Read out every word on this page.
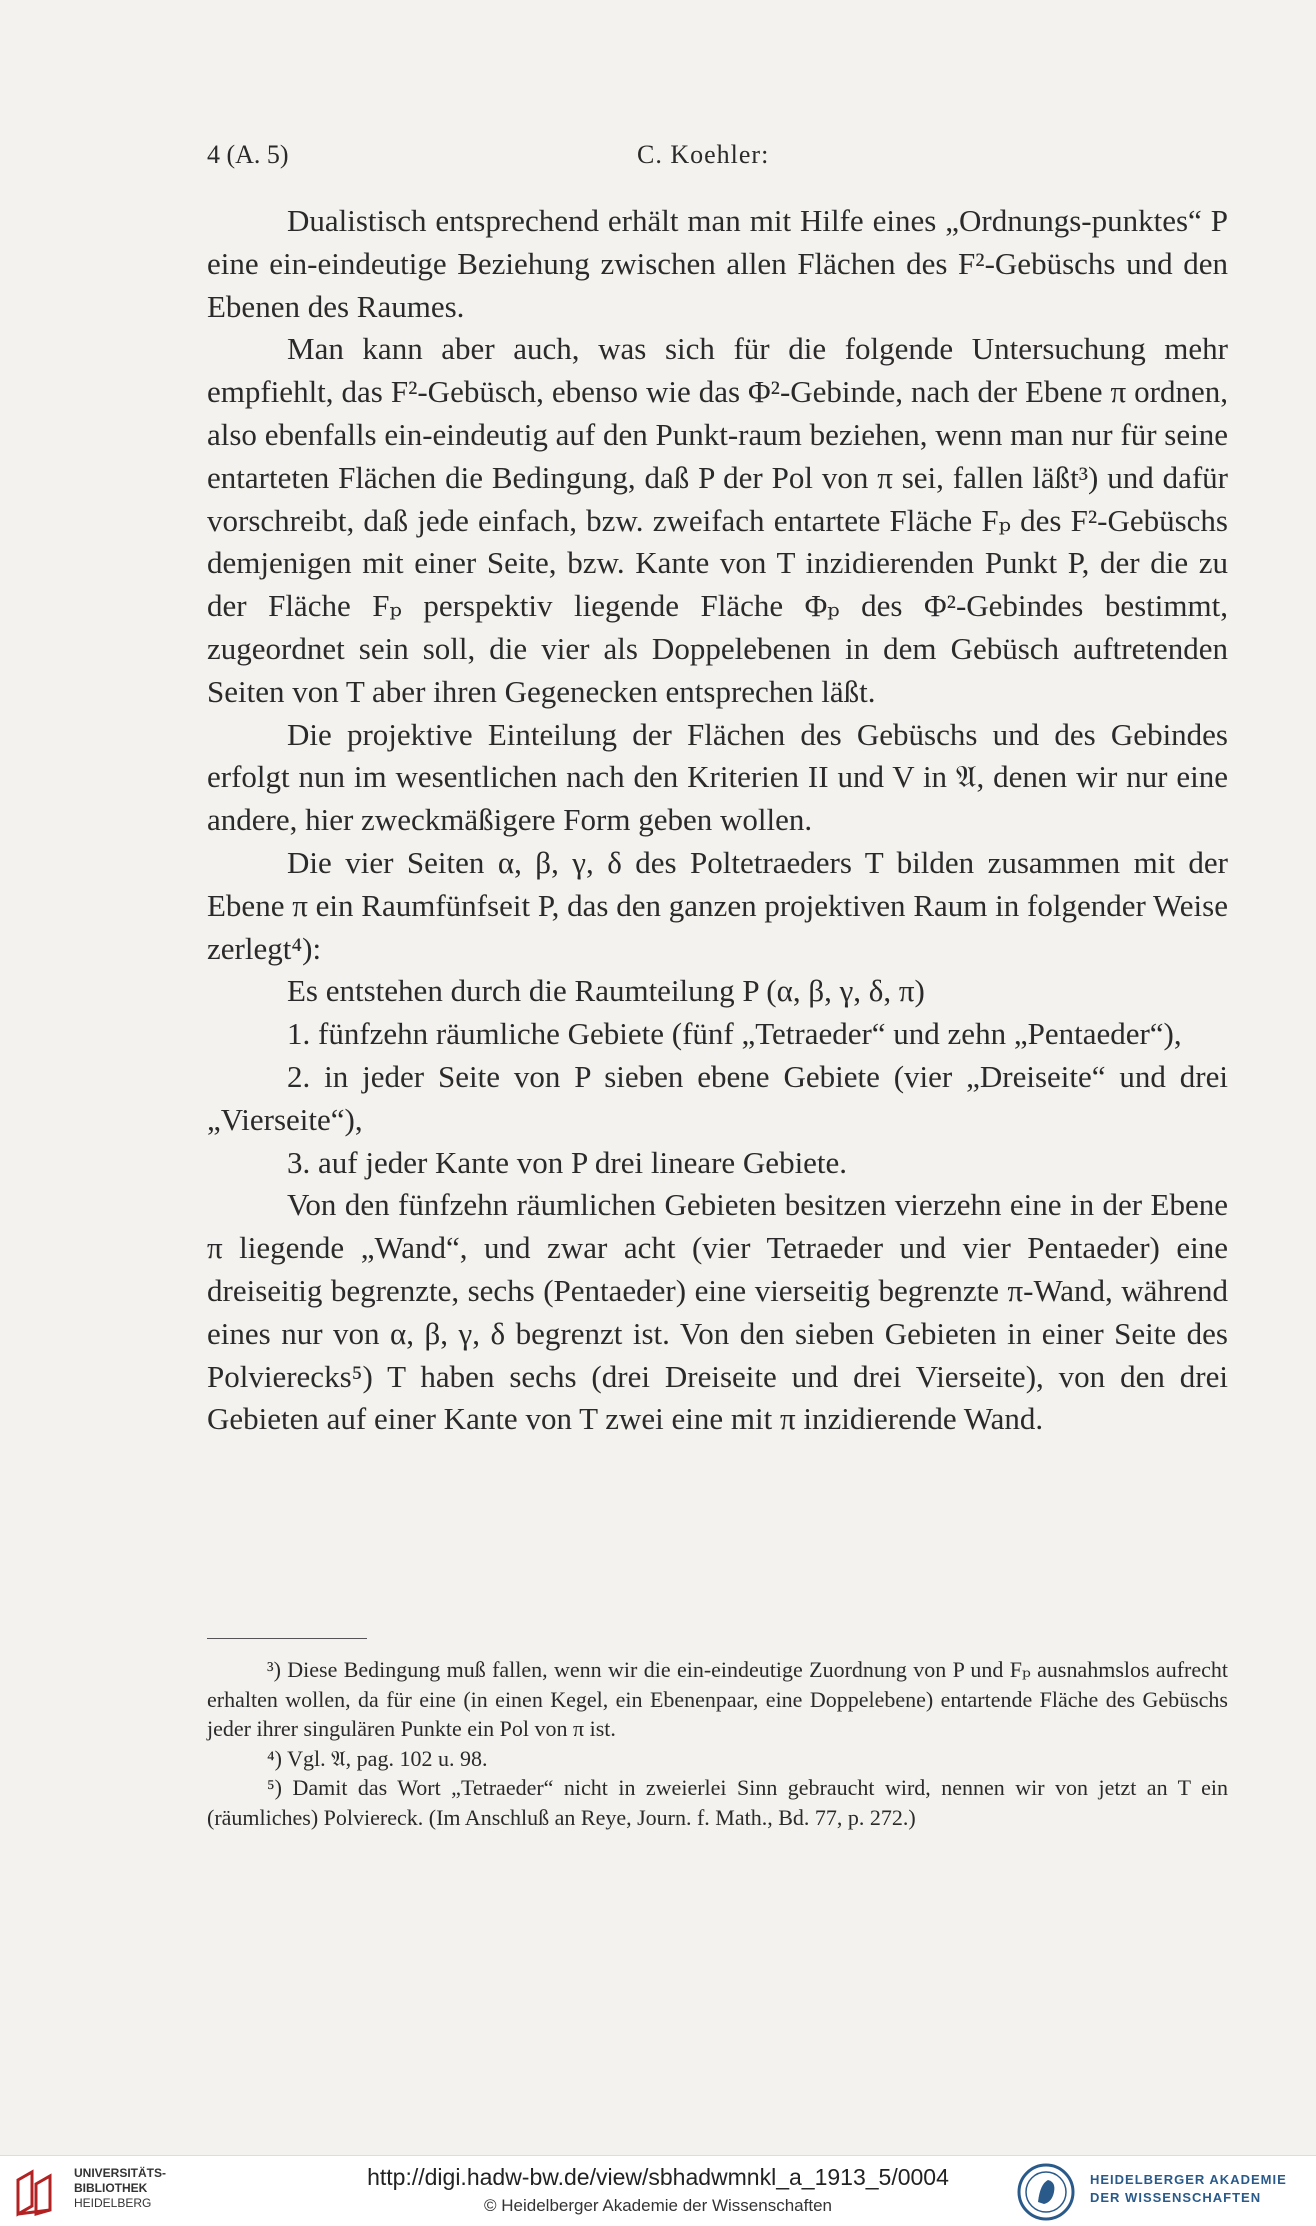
4 (A. 5)	C. Koehler:

Dualistisch entsprechend erhält man mit Hilfe eines „Ordnungs-punktes“ P eine ein-eindeutige Beziehung zwischen allen Flächen des F²-Gebüschs und den Ebenen des Raumes.

Man kann aber auch, was sich für die folgende Untersuchung mehr empfiehlt, das F²-Gebüsch, ebenso wie das Φ²-Gebinde, nach der Ebene π ordnen, also ebenfalls ein-eindeutig auf den Punkt-raum beziehen, wenn man nur für seine entarteten Flächen die Bedingung, daß P der Pol von π sei, fallen läßt³) und dafür vorschreibt, daß jede einfach, bzw. zweifach entartete Fläche Fₚ des F²-Gebüschs demjenigen mit einer Seite, bzw. Kante von T inzidierenden Punkt P, der die zu der Fläche Fₚ perspektiv liegende Fläche Φₚ des Φ²-Gebindes bestimmt, zugeordnet sein soll, die vier als Doppelebenen in dem Gebüsch auftretenden Seiten von T aber ihren Gegenecken entsprechen läßt.

Die projektive Einteilung der Flächen des Gebüschs und des Gebindes erfolgt nun im wesentlichen nach den Kriterien II und V in 𝔄, denen wir nur eine andere, hier zweckmäßigere Form geben wollen.

Die vier Seiten α, β, γ, δ des Poltetraeders T bilden zusammen mit der Ebene π ein Raumfünfseit P, das den ganzen projektiven Raum in folgender Weise zerlegt⁴):

Es entstehen durch die Raumteilung P (α, β, γ, δ, π)

1. fünfzehn räumliche Gebiete (fünf „Tetraeder“ und zehn „Pentaeder“),

2. in jeder Seite von P sieben ebene Gebiete (vier „Dreiseite“ und drei „Vierseite“),

3. auf jeder Kante von P drei lineare Gebiete.

Von den fünfzehn räumlichen Gebieten besitzen vierzehn eine in der Ebene π liegende „Wand“, und zwar acht (vier Tetraeder und vier Pentaeder) eine dreiseitig begrenzte, sechs (Pentaeder) eine vierseitig begrenzte π-Wand, während eines nur von α, β, γ, δ begrenzt ist. Von den sieben Gebieten in einer Seite des Polvierecks⁵) T haben sechs (drei Dreiseite und drei Vierseite), von den drei Gebieten auf einer Kante von T zwei eine mit π inzidierende Wand.

³) Diese Bedingung muß fallen, wenn wir die ein-eindeutige Zuordnung von P und Fₚ ausnahmslos aufrecht erhalten wollen, da für eine (in einen Kegel, ein Ebenenpaar, eine Doppelebene) entartende Fläche des Gebüschs jeder ihrer singulären Punkte ein Pol von π ist.

⁴) Vgl. 𝔄, pag. 102 u. 98.

⁵) Damit das Wort „Tetraeder“ nicht in zweierlei Sinn gebraucht wird, nennen wir von jetzt an T ein (räumliches) Polviereck. (Im Anschluß an Reye, Journ. f. Math., Bd. 77, p. 272.)

UNIVERSITÄTS-
BIBLIOTHEK
HEIDELBERG
http://digi.hadw-bw.de/view/sbhadwmnkl_a_1913_5/0004
© Heidelberger Akademie der Wissenschaften
HEIDELBERGER AKADEMIE
DER WISSENSCHAFTEN
